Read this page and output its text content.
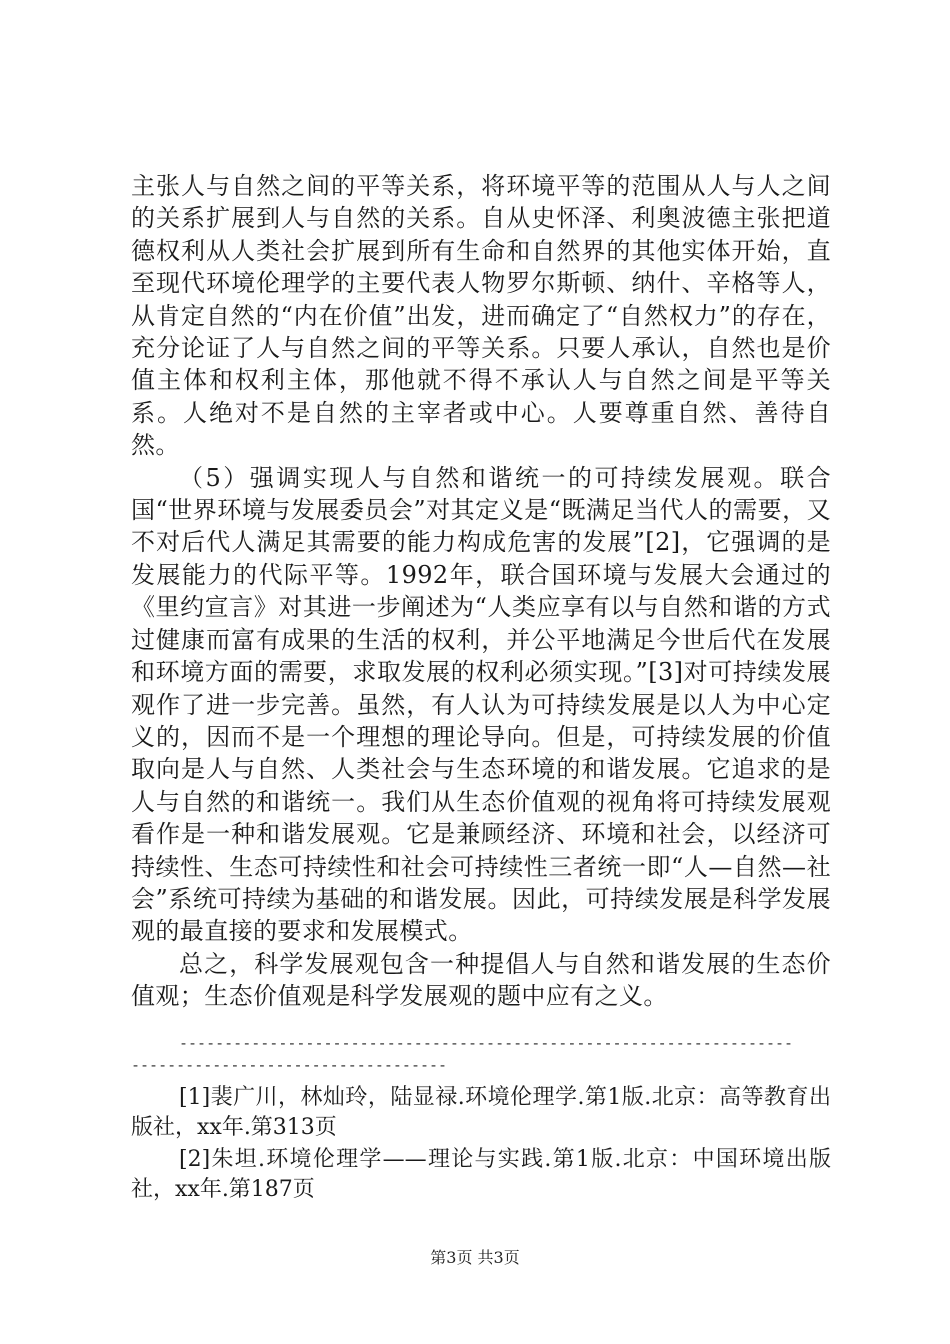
主张人与自然之间的平等关系，将环境平等的范围从人与人之间的关系扩展到人与自然的关系。自从史怀泽、利奥波德主张把道德权利从人类社会扩展到所有生命和自然界的其他实体开始，直至现代环境伦理学的主要代表人物罗尔斯顿、纳什、辛格等人，从肯定自然的“内在价值”出发，进而确定了“自然权力”的存在，充分论证了人与自然之间的平等关系。只要人承认，自然也是价值主体和权利主体，那他就不得不承认人与自然之间是平等关系。人绝对不是自然的主宰者或中心。人要尊重自然、善待自然。

（5）强调实现人与自然和谐统一的可持续发展观。联合国“世界环境与发展委员会”对其定义是“既满足当代人的需要，又不对后代人满足其需要的能力构成危害的发展”[2]，它强调的是发展能力的代际平等。1992年，联合国环境与发展大会通过的《里约宣言》对其进一步阐述为“人类应享有以与自然和谐的方式过健康而富有成果的生活的权利，并公平地满足今世后代在发展和环境方面的需要，求取发展的权利必须实现。”[3]对可持续发展观作了进一步完善。虽然，有人认为可持续发展是以人为中心定义的，因而不是一个理想的理论导向。但是，可持续发展的价值取向是人与自然、人类社会与生态环境的和谐发展。它追求的是人与自然的和谐统一。我们从生态价值观的视角将可持续发展观看作是一种和谐发展观。它是兼顾经济、环境和社会，以经济可持续性、生态可持续性和社会可持续性三者统一即“人—自然—社会”系统可持续为基础的和谐发展。因此，可持续发展是科学发展观的最直接的要求和发展模式。

总之，科学发展观包含一种提倡人与自然和谐发展的生态价值观；生态价值观是科学发展观的题中应有之义。

--------------------------------------------------------------------
-----------------------------------

[1]裴广川，林灿玲，陆显禄.环境伦理学.第1版.北京：高等教育出版社，xx年.第313页

[2]朱坦.环境伦理学——理论与实践.第1版.北京：中国环境出版社，xx年.第187页

第3页 共3页
